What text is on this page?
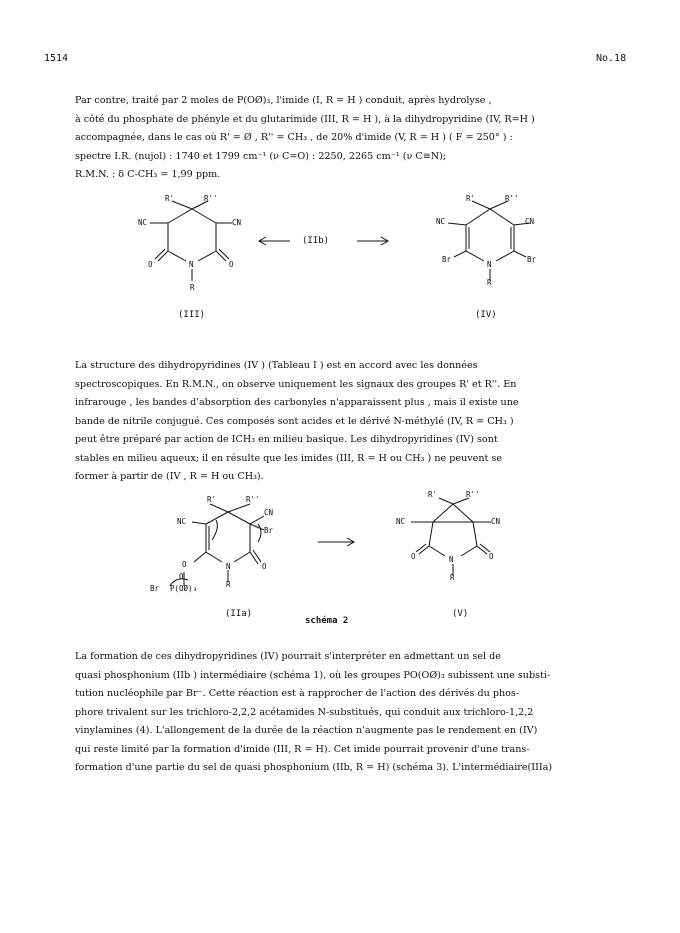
1514	No.18
Par contre, traité par 2 moles de P(OØ)₃, l'imide (I, R = H ) conduit, après hydrolyse ,
à côté du phosphate de phényle et du glutarimide (III, R = H ), à la dihydropyridine (IV, R=H )
accompagnée, dans le cas où R' = Ø , R'' = CH₃ , de 20% d'imide (V, R = H ) ( F = 250° ) :
spectre I.R. (nujol) : 1740 et 1799 cm⁻¹ (ν C=O) : 2250, 2265 cm⁻¹ (ν C≡N);
R.M.N. : δ C-CH₃ = 1,99 ppm.
R'	R''
NC	CN
O	N	O
R
(IIb)
R'	R''
NC	CN
Br
N
Br
R
(III)	(IV)
La structure des dihydropyridines (IV ) (Tableau I ) est en accord avec les données
spectroscopiques. En R.M.N., on observe uniquement les signaux des groupes R' et R''. En
infrarouge , les bandes d'absorption des carbonyles n'apparaissent plus , mais il existe une
bande de nitrile conjugué. Ces composés sont acides et le dérivé N-méthylé (IV, R = CH₃ )
peut être préparé par action de ICH₃ en milieu basique. Les dihydropyridines (IV) sont
stables en milieu aqueux; il en résulte que les imides (III, R = H ou CH₃ ) ne peuvent se
former à partir de (IV , R = H ou CH₃).
R'	R''
CN
NC
Br
O	N	O
R
O
Br P(OØ)₃
R'	R''
NC	CN
O	N	O
R
(IIa)
schéma 2
(V)
La formation de ces dihydropyridines (IV) pourrait s'interpréter en admettant un sel de
quasi phosphonium (IIb ) intermédiaire (schéma 1), où les groupes PO(OØ)₃ subissent une substi-
tution nucléophile par Br⁻. Cette réaction est à rapprocher de l'action des dérivés du phos-
phore trivalent sur les trichloro-2,2,2 acétamides N-substitués, qui conduit aux trichloro-1,2,2
vinylamines (4). L'allongement de la durée de la réaction n'augmente pas le rendement en (IV)
qui reste limité par la formation d'imide (III, R = H). Cet imide pourrait provenir d'une trans-
formation d'une partie du sel de quasi phosphonium (IIb, R = H) (schéma 3). L'intermédiaire(IIIa)
